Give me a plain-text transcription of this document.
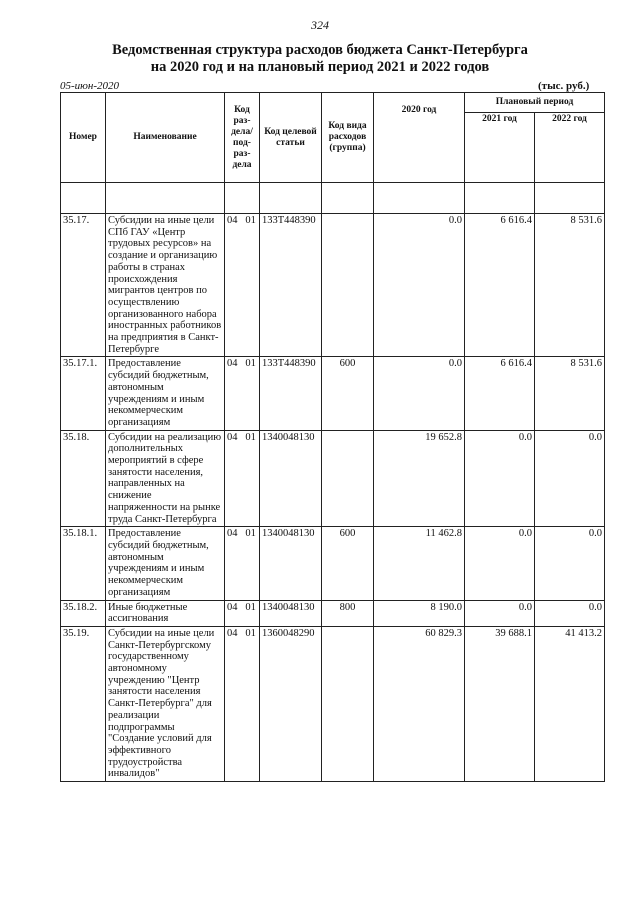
324
Ведомственная структура расходов бюджета Санкт-Петербурга
на 2020 год и на плановый период 2021 и 2022 годов
05-июн-2020	(тыс. руб.)
Номер	Наименование	Код раз-дела/ под-раз-дела	Код целевой статьи	Код вида расходов (группа)	2020 год	Плановый период	
						2021 год	2022 год

35.17.	Субсидии на иные цели СПб ГАУ «Центр трудовых ресурсов» на создание и организацию работы в странах происхождения мигрантов центров по осуществлению организованного набора иностранных работников на предприятия в Санкт-Петербурге	04 01	133Т448390		0.0	6 616.4	8 531.6
35.17.1.	Предоставление субсидий бюджетным, автономным учреждениям и иным некоммерческим организациям	04 01	133Т448390	600	0.0	6 616.4	8 531.6
35.18.	Субсидии на реализацию дополнительных мероприятий в сфере занятости населения, направленных на снижение напряженности на рынке труда Санкт-Петербурга	04 01	1340048130		19 652.8	0.0	0.0
35.18.1.	Предоставление субсидий бюджетным, автономным учреждениям и иным некоммерческим организациям	04 01	1340048130	600	11 462.8	0.0	0.0
35.18.2.	Иные бюджетные ассигнования	04 01	1340048130	800	8 190.0	0.0	0.0
35.19.	Субсидии на иные цели Санкт-Петербургскому государственному автономному учреждению "Центр занятости населения Санкт-Петербурга" для реализации подпрограммы "Создание условий для эффективного трудоустройства инвалидов"	04 01	1360048290		60 829.3	39 688.1	41 413.2
